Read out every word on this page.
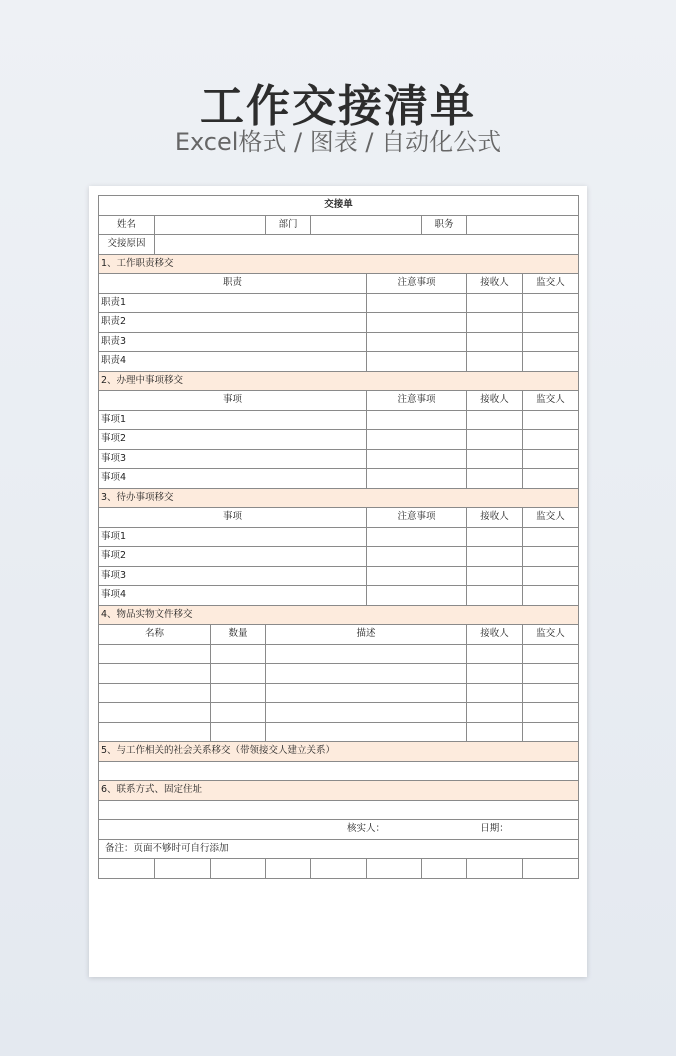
工作交接清单
Excel格式 / 图表 / 自动化公式
交接单								
姓名			部门			职务		
交接原因								
1、工作职责移交								
职责					注意事项		接收人	监交人
职责1								
职责2								
职责3								
职责4								
2、办理中事项移交								
事项					注意事项		接收人	监交人
事项1								
事项2								
事项3								
事项4								
3、待办事项移交								
事项					注意事项		接收人	监交人
事项1								
事项2								
事项3								
事项4								
4、物品实物文件移交								
名称		数量	描述				接收人	监交人

5、与工作相关的社会关系移交（带领接交人建立关系）								

6、联系方式、固定住址								

				核实人：			日期：	
备注：页面不够时可自行添加								
